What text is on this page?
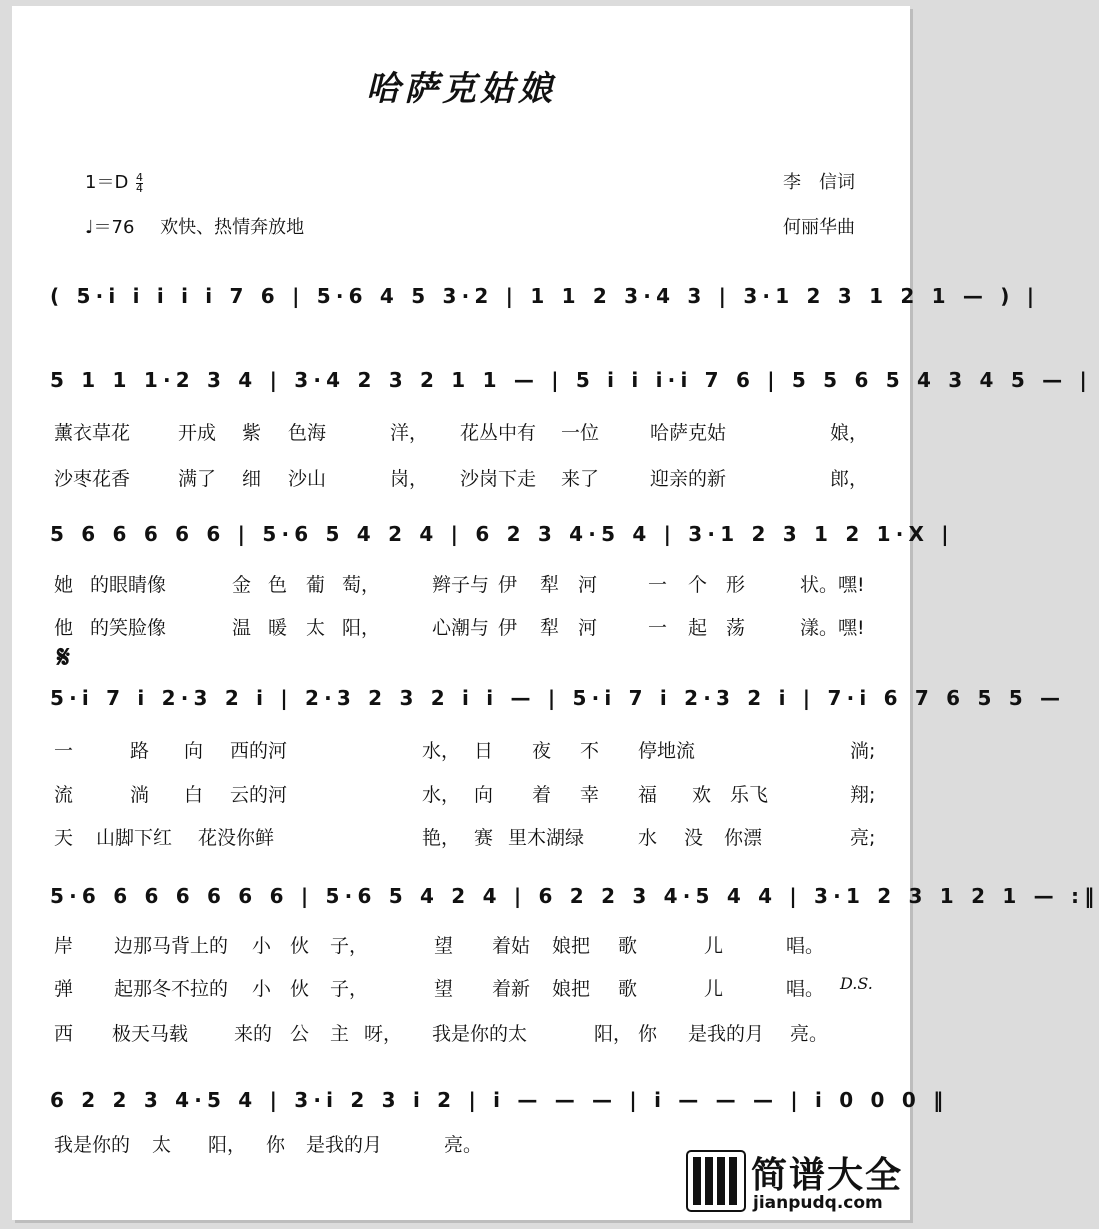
哈萨克姑娘
$1=D \frac{4}{4}$
♩＝76 欢快、热情奔放地
李　信词
何丽华曲
( 5·i i i i i 7 6 | 5·6 4 5 3·2 | 1 1 2 3·4 3 | 3·1 2 3 1 2 1 — ) |
5 1 1 1·2 3 4 | 3·4 2 3 2 1 1 — | 5 i i i·i 7 6 | 5 5 6 5 4 3 4 5 — |
5 6 6 6 6 6 | 5·6 5 4 2 4 | 6 2 3 4·5 4 | 3·1 2 3 1 2 1·X |
5·i 7 i 2·3 2 i | 2·3 2 3 2 i i — | 5·i 7 i 2·3 2 i | 7·i 6 7 6 5 5 —
5·6 6 6 6 6 6 6 | 5·6 5 4 2 4 | 6 2 2 3 4·5 4 4 | 3·1 2 3 1 2 1 — :‖
6 2 2 3 4·5 4 | 3·i 2 3 i 2 | i — — — | i — — — | i 0 0 0 ‖
薰衣草花	开成 紫 色海	洋， 花丛中有 一位	哈萨克姑	娘，
沙枣花香	满了 细 沙山	岗， 沙岗下走 来了	迎亲的新	郎，
她 的眼睛像	金 色 葡 萄，	辫子与 伊 犁 河	一 个 形	状。嘿!
他 的笑脸像	温 暖 太 阳，	心潮与 伊 犁 河	一 起 荡	漾。嘿!
一	路 向 西的河	水， 日 夜 不 停地流	淌;
流	淌 白 云的河	水， 向 着 幸 福 欢 乐飞	翔;
天 山脚下红 花没你鲜	艳， 赛 里木湖绿	水 没 你漂	亮;
岸 边那马背上的 小 伙 子，	望 着姑 娘把 歌	儿	唱。
弹 起那冬不拉的 小 伙 子，	望 着新 娘把 歌	儿	唱。
西 极天马载 来的 公 主 呀， 我是你的太	阳， 你 是我的月 亮。
我是你的 太 阳， 你 是我的月	亮。
𝄋
D.S.
简谱大全
jianpudq.com
